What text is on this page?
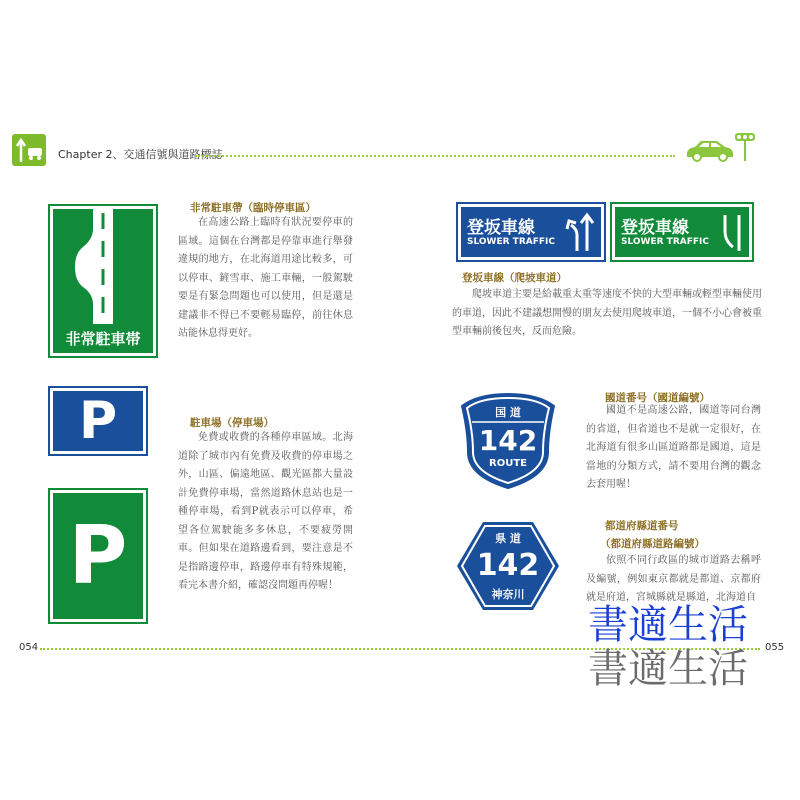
Chapter 2、交通信號與道路標誌
非常駐車帯
非常駐車帶（臨時停車區）
在高速公路上臨時有狀況要停車的區域。這個在台灣都是停靠車進行舉發違規的地方，在北海道用途比較多，可以停車、鏟雪車、施工車輛，一般駕駛要是有緊急問題也可以使用，但是還是建議非不得已不要輕易臨停，前往休息站能休息得更好。
P
P
駐車場（停車場）
免費或收費的各種停車區域。北海道除了城市內有免費及收費的停車場之外，山區、偏遠地區、觀光區都大量設計免費停車場，當然道路休息站也是一種停車場，看到P就表示可以停車，希望各位駕駛能多多休息，不要疲勞開車。但如果在道路邊看到，要注意是不是指路邊停車，路邊停車有特殊規範，看完本書介紹，確認沒問題再停喔！
054
登坂車線
SLOWER TRAFFIC
登坂車線
SLOWER TRAFFIC
登坂車線（爬坡車道）
爬坡車道主要是給載重太重等速度不快的大型車輛或輕型車輛使用的車道，因此不建議想開慢的朋友去使用爬坡車道，一個不小心會被重型車輛前後包夾，反而危險。
国 道
142
ROUTE
國道番号（國道編號）
國道不是高速公路，國道等同台灣的省道，但省道也不是就一定很好，在北海道有很多山區道路都是國道，這是當地的分類方式，請不要用台灣的觀念去套用喔！
県 道
142
神奈川
都道府縣道番号
（都道府縣道路編號）
依照不同行政區的城市道路去稱呼及編號，例如東京都就是都道、京都府就是府道，宮城縣就是縣道，北海道自
055
書適生活
書適生活
